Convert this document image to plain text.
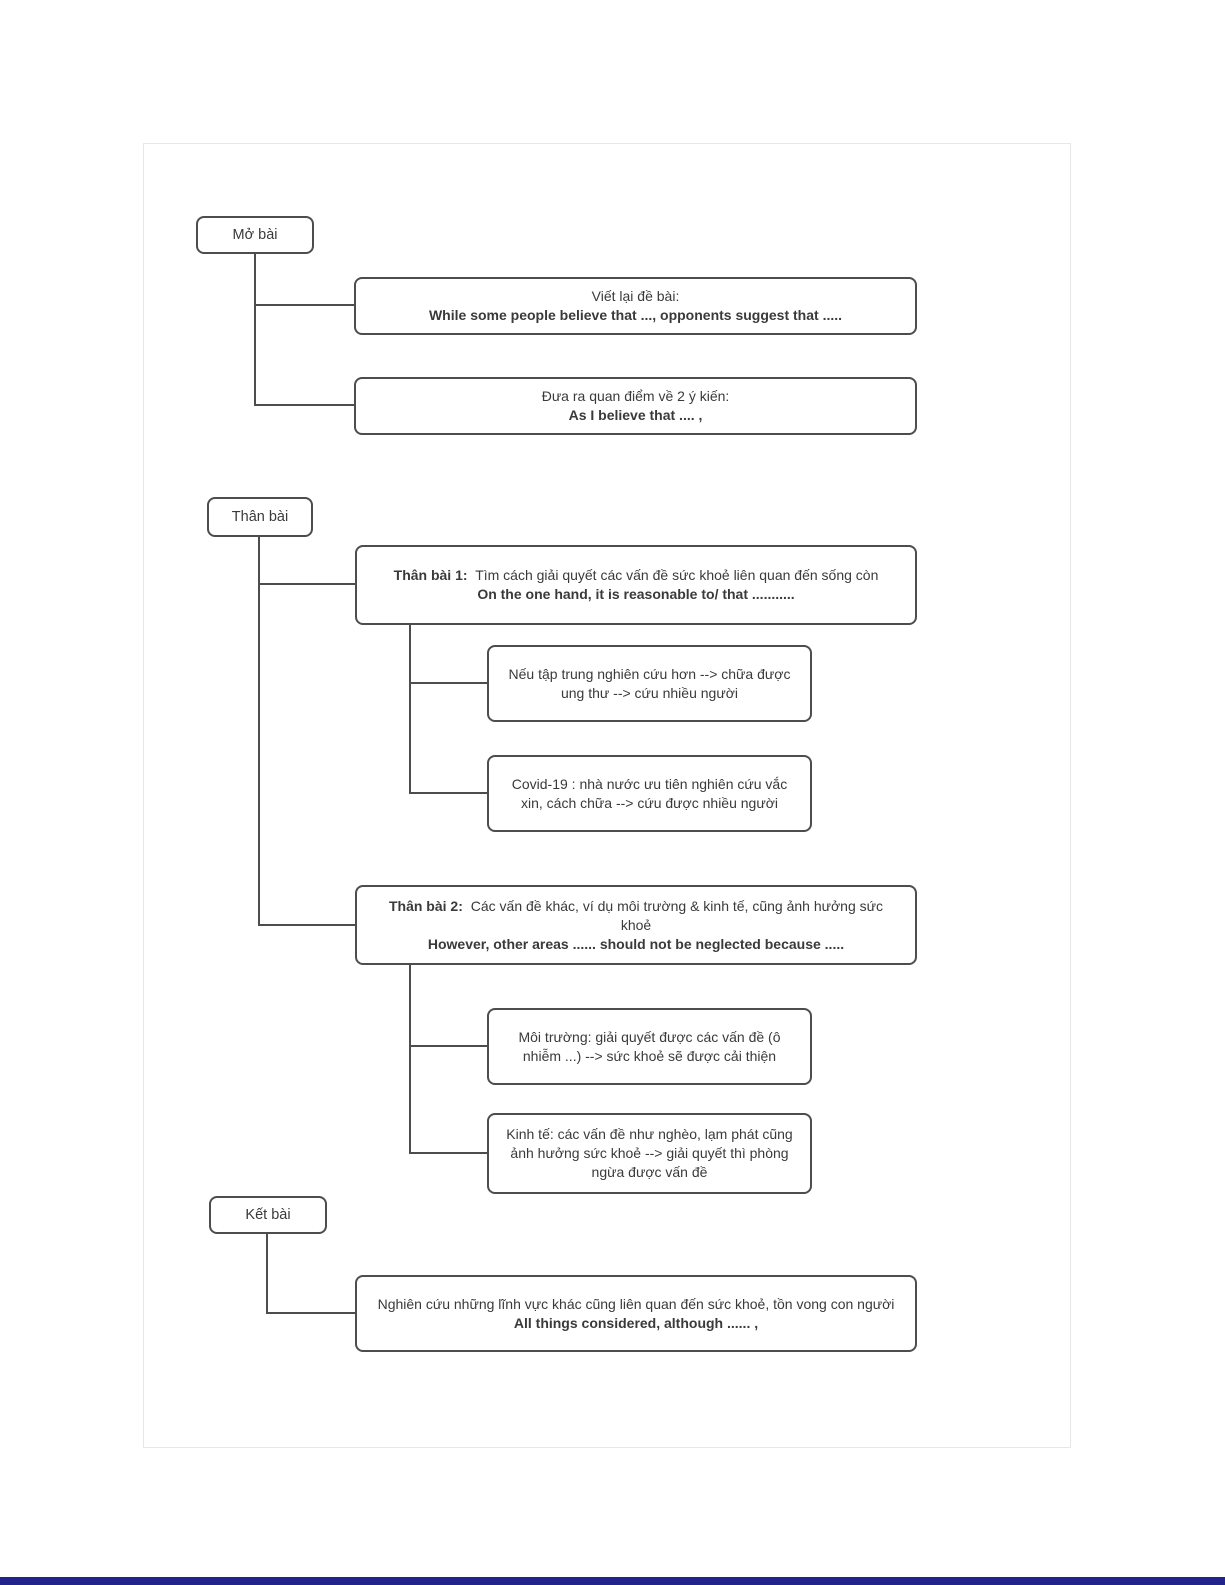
Mở bài
Viết lại đề bài:
While some people believe that ..., opponents suggest that .....
Đưa ra quan điểm về 2 ý kiến:
As I believe that .... ,
Thân bài
Thân bài 1: Tìm cách giải quyết các vấn đề sức khoẻ liên quan đến sống còn
On the one hand, it is reasonable to/ that ...........
Nếu tập trung nghiên cứu hơn --> chữa được ung thư --> cứu nhiều người
Covid-19 : nhà nước ưu tiên nghiên cứu vắc xin, cách chữa --> cứu được nhiều người
Thân bài 2: Các vấn đề khác, ví dụ môi trường & kinh tế, cũng ảnh hưởng sức khoẻ
However, other areas ...... should not be neglected because .....
Môi trường: giải quyết được các vấn đề (ô nhiễm ...) --> sức khoẻ sẽ được cải thiện
Kinh tế: các vấn đề như nghèo, lạm phát cũng ảnh hưởng sức khoẻ --> giải quyết thì phòng ngừa được vấn đề
Kết bài
Nghiên cứu những lĩnh vực khác cũng liên quan đến sức khoẻ, tồn vong con người
All things considered, although ...... ,
